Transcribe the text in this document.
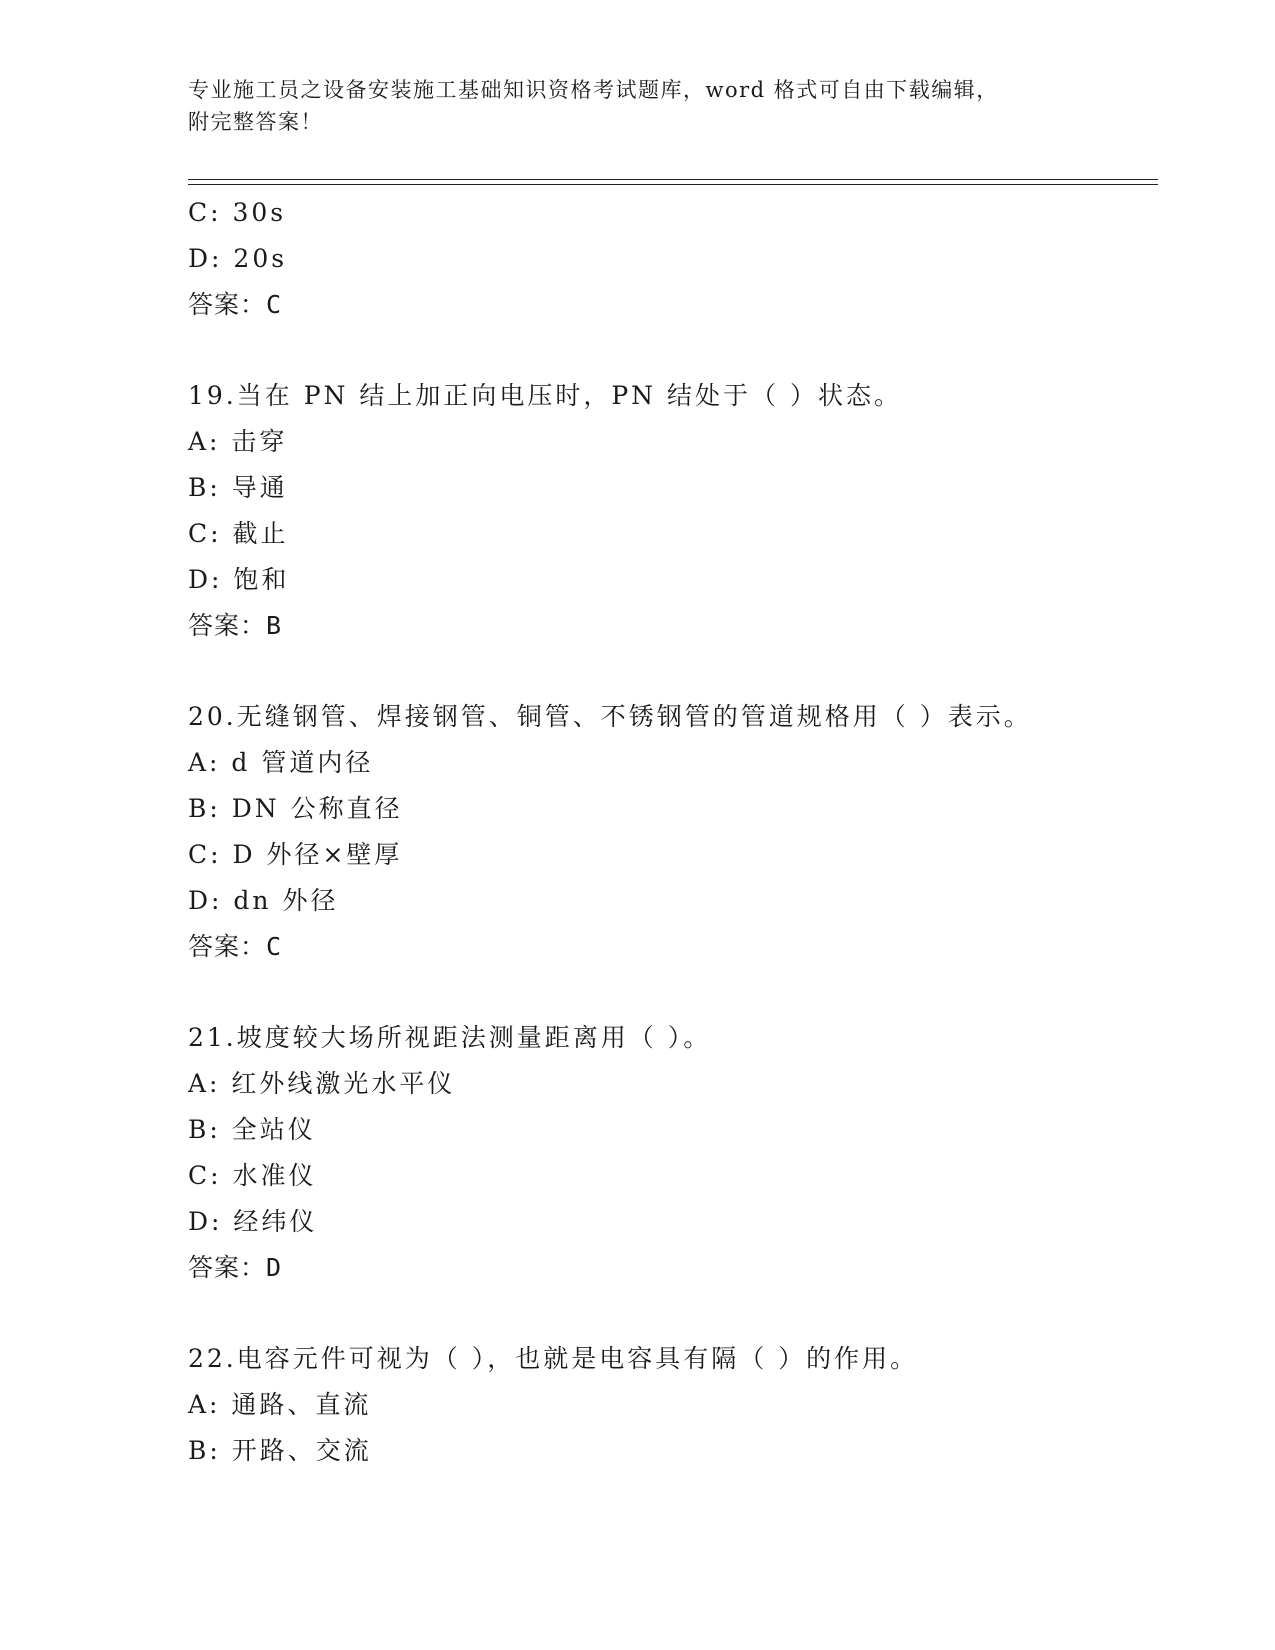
专业施工员之设备安装施工基础知识资格考试题库，word 格式可自由下载编辑，
附完整答案！
C: 30s
D: 20s
答案：C
19.当在 PN 结上加正向电压时，PN 结处于（ ）状态。
A: 击穿
B: 导通
C: 截止
D: 饱和
答案：B
20.无缝钢管、焊接钢管、铜管、不锈钢管的管道规格用（ ）表示。
A: d 管道内径
B: DN 公称直径
C: D 外径×壁厚
D: dn 外径
答案：C
21.坡度较大场所视距法测量距离用（ ）。
A: 红外线激光水平仪
B: 全站仪
C: 水准仪
D: 经纬仪
答案：D
22.电容元件可视为（ ），也就是电容具有隔（ ）的作用。
A: 通路、直流
B: 开路、交流
